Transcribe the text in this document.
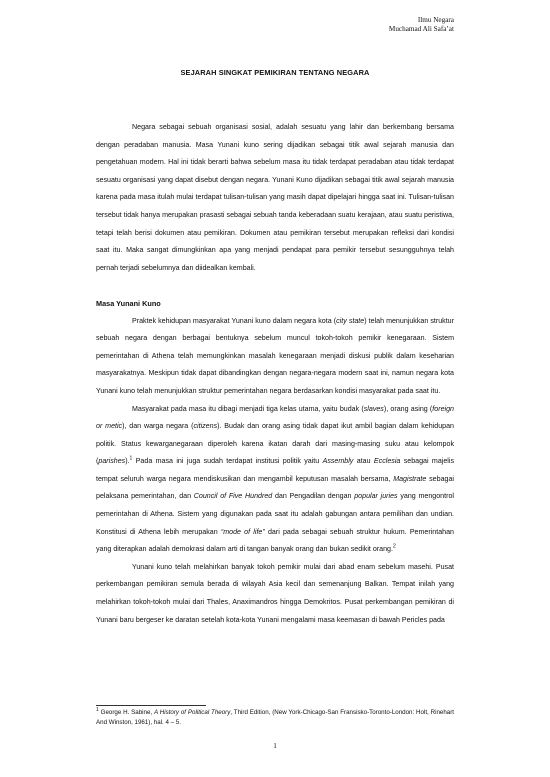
Ilmu Negara
Muchamad Ali Safa’at
SEJARAH SINGKAT PEMIKIRAN TENTANG NEGARA

Negara sebagai sebuah organisasi sosial, adalah sesuatu yang lahir dan berkembang bersama dengan peradaban manusia. Masa Yunani kuno sering dijadikan sebagai titik awal sejarah manusia dan pengetahuan modern. Hal ini tidak berarti bahwa sebelum masa itu tidak terdapat peradaban atau tidak terdapat sesuatu organisasi yang dapat disebut dengan negara. Yunani Kuno dijadikan sebagai titik awal sejarah manusia karena pada masa itulah mulai terdapat tulisan-tulisan yang masih dapat dipelajari hingga saat ini. Tulisan-tulisan tersebut tidak hanya merupakan prasasti sebagai sebuah tanda keberadaan suatu kerajaan, atau suatu peristiwa, tetapi telah berisi dokumen atau pemikiran. Dokumen atau pemikiran tersebut merupakan refleksi dari kondisi saat itu. Maka sangat dimungkinkan apa yang menjadi pendapat para pemikir tersebut sesungguhnya telah pernah terjadi sebelumnya dan diidealkan kembali.

Masa Yunani Kuno

Praktek kehidupan masyarakat Yunani kuno dalam negara kota (city state) telah menunjukkan struktur sebuah negara dengan berbagai bentuknya sebelum muncul tokoh-tokoh pemikir kenegaraan. Sistem pemerintahan di Athena telah memungkinkan masalah kenegaraan menjadi diskusi publik dalam keseharian masyarakatnya. Meskipun tidak dapat dibandingkan dengan negara-negara modern saat ini, namun negara kota Yunani kuno telah menunjukkan struktur pemerintahan negara berdasarkan kondisi masyarakat pada saat itu.

Masyarakat pada masa itu dibagi menjadi tiga kelas utama, yaitu budak (slaves), orang asing (foreign or metic), dan warga negara (citizens). Budak dan orang asing tidak dapat ikut ambil bagian dalam kehidupan politik. Status kewarganegaraan diperoleh karena ikatan darah dari masing-masing suku atau kelompok (parishes).$^1$ Pada masa ini juga sudah terdapat institusi politik yaitu Assembly atau Ecclesia sebagai majelis tempat seluruh warga negara mendiskusikan dan mengambil keputusan masalah bersama, Magistrate sebagai pelaksana pemerintahan, dan Council of Five Hundred dan Pengadilan dengan popular juries yang mengontrol pemerintahan di Athena. Sistem yang digunakan pada saat itu adalah gabungan antara pemilihan dan undian. Konstitusi di Athena lebih merupakan “mode of life” dari pada sebagai sebuah struktur hukum. Pemerintahan yang diterapkan adalah demokrasi dalam arti di tangan banyak orang dan bukan sedikit orang.$^2$

Yunani kuno telah melahirkan banyak tokoh pemikir mulai dari abad enam sebelum masehi. Pusat perkembangan pemikiran semula berada di wilayah Asia kecil dan semenanjung Balkan. Tempat inilah yang melahirkan tokoh-tokoh mulai dari Thales, Anaximandros hingga Demokritos. Pusat perkembangan pemikiran di Yunani baru bergeser ke daratan setelah kota-kota Yunani mengalami masa keemasan di bawah Pericles pada

$^1$ George H. Sabine, A History of Political Theory, Third Edition, (New York-Chicago-San Fransisko-Toronto-London: Holt, Rinehart And Winston, 1961), hal. 4 – 5.
1
